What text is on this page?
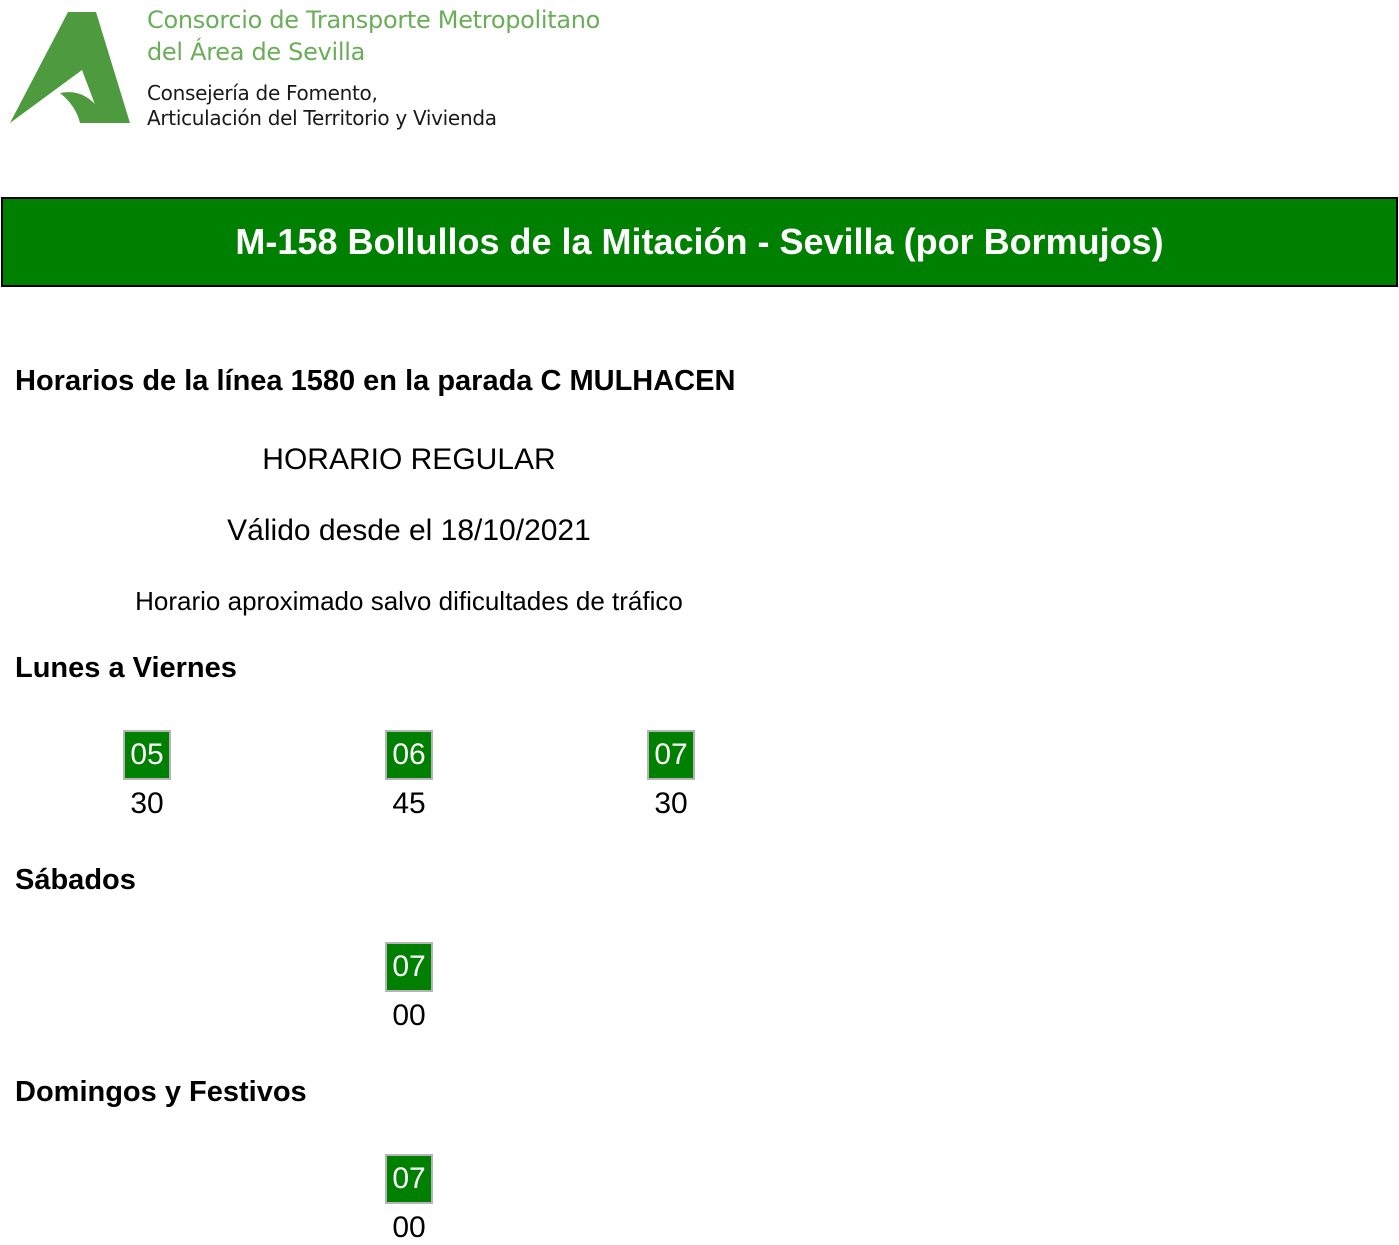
Consorcio de Transporte Metropolitano
del Área de Sevilla
Consejería de Fomento,
Articulación del Territorio y Vivienda
M-158 Bollullos de la Mitación - Sevilla (por Bormujos)
Horarios de la línea 1580 en la parada C MULHACEN
HORARIO REGULAR
Válido desde el 18/10/2021
Horario aproximado salvo dificultades de tráfico
Lunes a Viernes
05
30
06
45
07
30
Sábados
07
00
Domingos y Festivos
07
00
